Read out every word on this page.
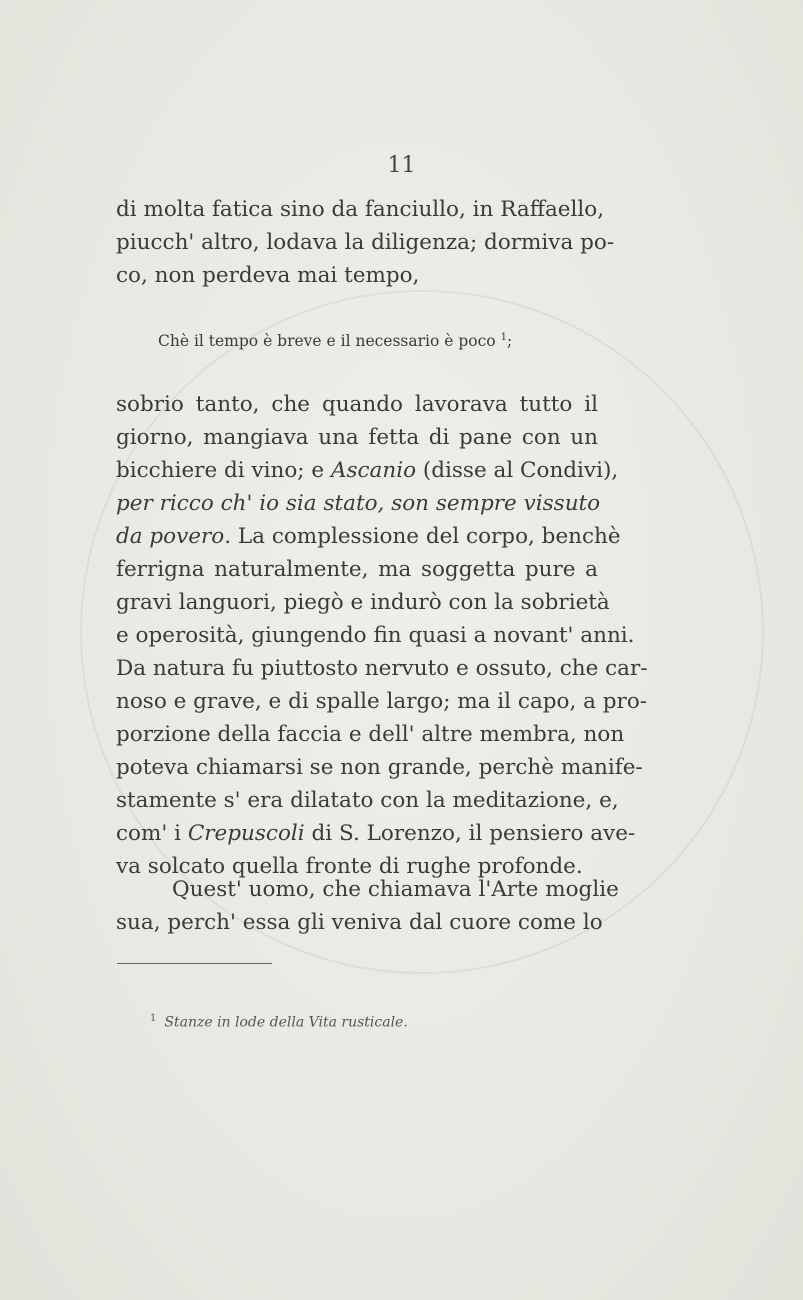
11

di molta fatica sino da fanciullo, in Raffaello,
piucch' altro, lodava la diligenza; dormiva po-
co, non perdeva mai tempo,

Chè il tempo è breve e il necessario è poco $^1$;

sobrio tanto, che quando lavorava tutto il
giorno, mangiava una fetta di pane con un
bicchiere di vino; e Ascanio (disse al Condivi),
per ricco ch' io sia stato, son sempre vissuto
da povero. La complessione del corpo, benchè
ferrigna naturalmente, ma soggetta pure a
gravi languori, piegò e indurò con la sobrietà
e operosità, giungendo fin quasi a novant' anni.
Da natura fu piuttosto nervuto e ossuto, che car-
noso e grave, e di spalle largo; ma il capo, a pro-
porzione della faccia e dell' altre membra, non
poteva chiamarsi se non grande, perchè manife-
stamente s' era dilatato con la meditazione, e,
com' i Crepuscoli di S. Lorenzo, il pensiero ave-
va solcato quella fronte di rughe profonde.

Quest' uomo, che chiamava l'Arte moglie
sua, perch' essa gli veniva dal cuore come lo

$^1$ Stanze in lode della Vita rusticale.
